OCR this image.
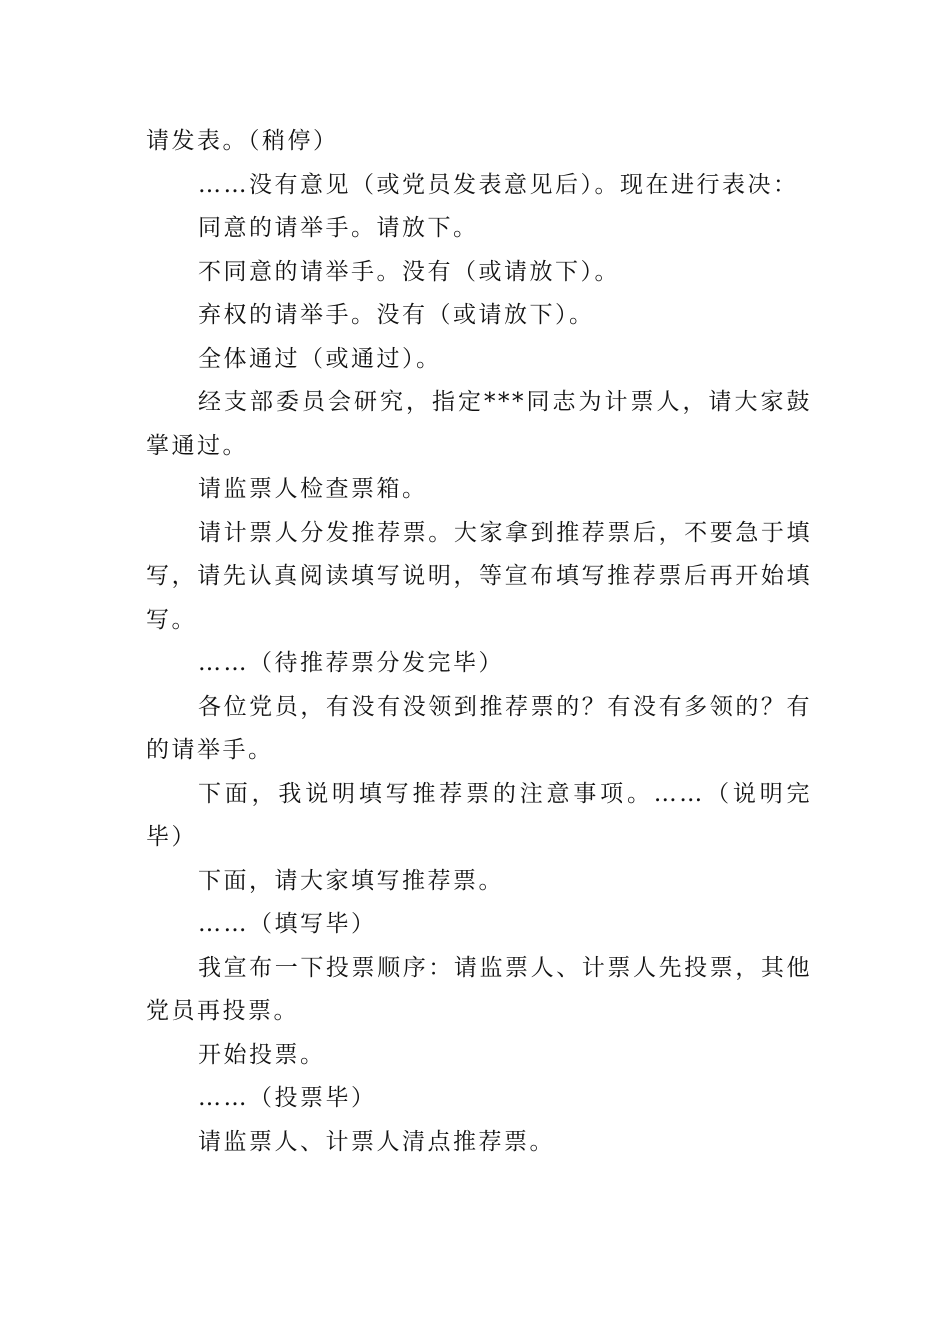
请发表。（稍停）

……没有意见（或党员发表意见后）。现在进行表决：

同意的请举手。请放下。

不同意的请举手。没有（或请放下）。

弃权的请举手。没有（或请放下）。

全体通过（或通过）。

经支部委员会研究，指定***同志为计票人，请大家鼓掌通过。

请监票人检查票箱。

请计票人分发推荐票。大家拿到推荐票后，不要急于填写，请先认真阅读填写说明，等宣布填写推荐票后再开始填写。

……（待推荐票分发完毕）

各位党员，有没有没领到推荐票的？有没有多领的？有的请举手。

下面，我说明填写推荐票的注意事项。……（说明完毕）

下面，请大家填写推荐票。

……（填写毕）

我宣布一下投票顺序：请监票人、计票人先投票，其他党员再投票。

开始投票。

……（投票毕）

请监票人、计票人清点推荐票。
